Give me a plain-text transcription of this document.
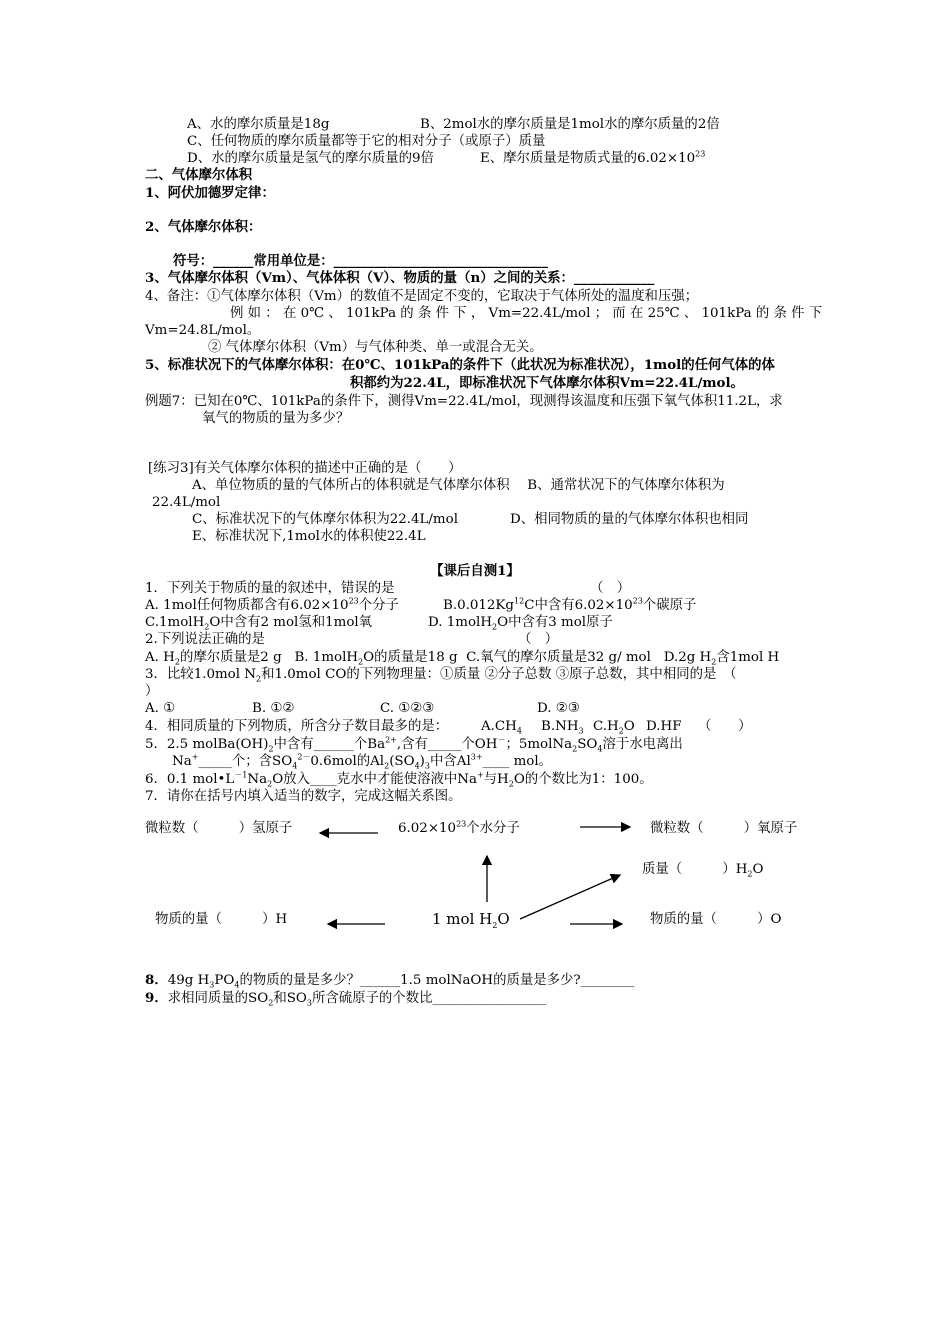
A、水的摩尔质量是18g	B、2mol水的摩尔质量是1mol水的摩尔质量的2倍
C、任何物质的摩尔质量都等于它的相对分子（或原子）质量
D、水的摩尔质量是氢气的摩尔质量的9倍	E、摩尔质量是物质式量的$6.02\times 10^{23}$
二、气体摩尔体积
1、阿伏加德罗定律：
2、气体摩尔体积：
符号：______常用单位是：________________________________
3、气体摩尔体积（Vm）、气体体积（V）、物质的量（n）之间的关系：____________
4、备注：①气体摩尔体积（Vm）的数值不是固定不变的，它取决于气体所处的温度和压强；
例 如 ： 在 0℃ 、 101kPa 的 条 件 下 ， Vm=22.4L/mol ； 而 在 25℃ 、 101kPa 的 条 件 下
Vm=24.8L/mol。
② 气体摩尔体积（Vm）与气体种类、单一或混合无关。
5、标准状况下的气体摩尔体积：在0℃、101kPa的条件下（此状况为标准状况），1mol的任何气体的体
积都约为22.4L，即标准状况下气体摩尔体积Vm=22.4L/mol。
例题7：已知在0℃、101kPa的条件下，测得Vm=22.4L/mol，现测得该温度和压强下氧气体积11.2L，求
氧气的物质的量为多少？
[练习3]有关气体摩尔体积的描述中正确的是（　　）
A、单位物质的量的气体所占的体积就是气体摩尔体积　 B、通常状况下的气体摩尔体积为
22.4L/mol
C、标准状况下的气体摩尔体积为22.4L/mol	D、相同物质的量的气体摩尔体积也相同
E、标准状况下,1mol水的体积使22.4L
【课后自测1】
1．下列关于物质的量的叙述中，错误的是	（　）
A. 1mol任何物质都含有$6.02\times 10^{23}$个分子	B.0.012Kg$^{12}$C中含有$6.02\times 10^{23}$个碳原子
C.1molH$_2$O中含有2 mol氢和1mol氧	D. 1molH$_2$O中含有3 mol原子
2.下列说法正确的是	（　）
A. $H_2$的摩尔质量是2 g B. 1molH$_2$O的质量是18 g C.氧气的摩尔质量是32 g/ mol D.2g $H_2$含1mol H
3．比较1.0mol $N_2$和1.0mol CO的下列物理量：①质量 ②分子总数 ③原子总数，其中相同的是　（
）
A. ①	B. ①②	C. ①②③	D. ②③
4．相同质量的下列物质，所含分子数目最多的是： $A.CH_4$ $B.NH_3$ $C.H_2O$ D.HF （　　）
5．2.5 $molBa(OH)_2$中含有______个$Ba^{2+}$,含有_____个OH－；$5molNa_2SO_4$溶于水电离出
Na+_____个；含$SO_4^{2-}0.6mol$的$Al_2(SO_4)_3$中含$Al^{3+}\_\_\_\_$ mol。
6．0.1 $mol•L^{-1}Na_2O$放入____克水中才能使溶液中Na+与$H_2O$的个数比为1：100。
7．请你在括号内填入适当的数字，完成这幅关系图。
微粒数（　　　）氢原子	$6.02\times 10^{23}$个水分子	微粒数（　　　）氧原子
质量（　　　）$H_2O$
物质的量（　　　）H	1 mol $H_2O$	物质的量（　　　）O
8．49g $H_3PO_4$的物质的量是多少？______1.5 molNaOH的质量是多少?________
9．求相同质量的$SO_2$和$SO_3$所含硫原子的个数比_________________
